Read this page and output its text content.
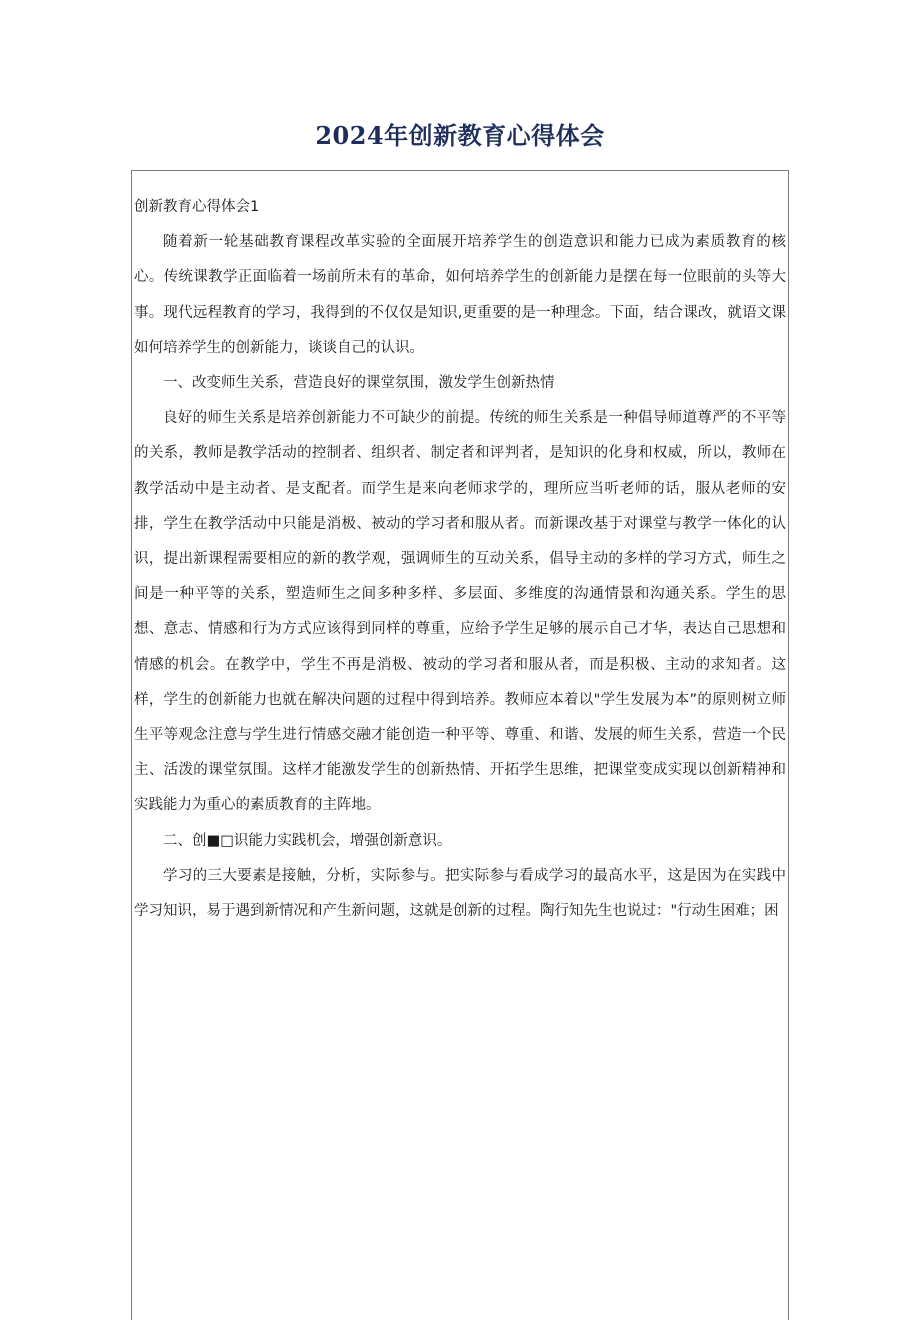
2024年创新教育心得体会

创新教育心得体会1

随着新一轮基础教育课程改革实验的全面展开培养学生的创造意识和能力已成为素质教育的核心。传统课教学正面临着一场前所未有的革命，如何培养学生的创新能力是摆在每一位眼前的头等大事。现代远程教育的学习，我得到的不仅仅是知识,更重要的是一种理念。下面，结合课改，就语文课如何培养学生的创新能力，谈谈自己的认识。

一、改变师生关系，营造良好的课堂氛围，激发学生创新热情

良好的师生关系是培养创新能力不可缺少的前提。传统的师生关系是一种倡导师道尊严的不平等的关系，教师是教学活动的控制者、组织者、制定者和评判者，是知识的化身和权威，所以，教师在教学活动中是主动者、是支配者。而学生是来向老师求学的，理所应当听老师的话，服从老师的安排，学生在教学活动中只能是消极、被动的学习者和服从者。而新课改基于对课堂与教学一体化的认识，提出新课程需要相应的新的教学观，强调师生的互动关系，倡导主动的多样的学习方式，师生之间是一种平等的关系，塑造师生之间多种多样、多层面、多维度的沟通情景和沟通关系。学生的思想、意志、情感和行为方式应该得到同样的尊重，应给予学生足够的展示自己才华，表达自己思想和情感的机会。在教学中，学生不再是消极、被动的学习者和服从者，而是积极、主动的求知者。这样，学生的创新能力也就在解决问题的过程中得到培养。教师应本着以"学生发展为本”的原则树立师生平等观念注意与学生进行情感交融才能创造一种平等、尊重、和谐、发展的师生关系，营造一个民主、活泼的课堂氛围。这样才能激发学生的创新热情、开拓学生思维，把课堂变成实现以创新精神和实践能力为重心的素质教育的主阵地。

二、创■□识能力实践机会，增强创新意识。

学习的三大要素是接触，分析，实际参与。把实际参与看成学习的最高水平，这是因为在实践中学习知识，易于遇到新情况和产生新问题，这就是创新的过程。陶行知先生也说过："行动生困难；困
